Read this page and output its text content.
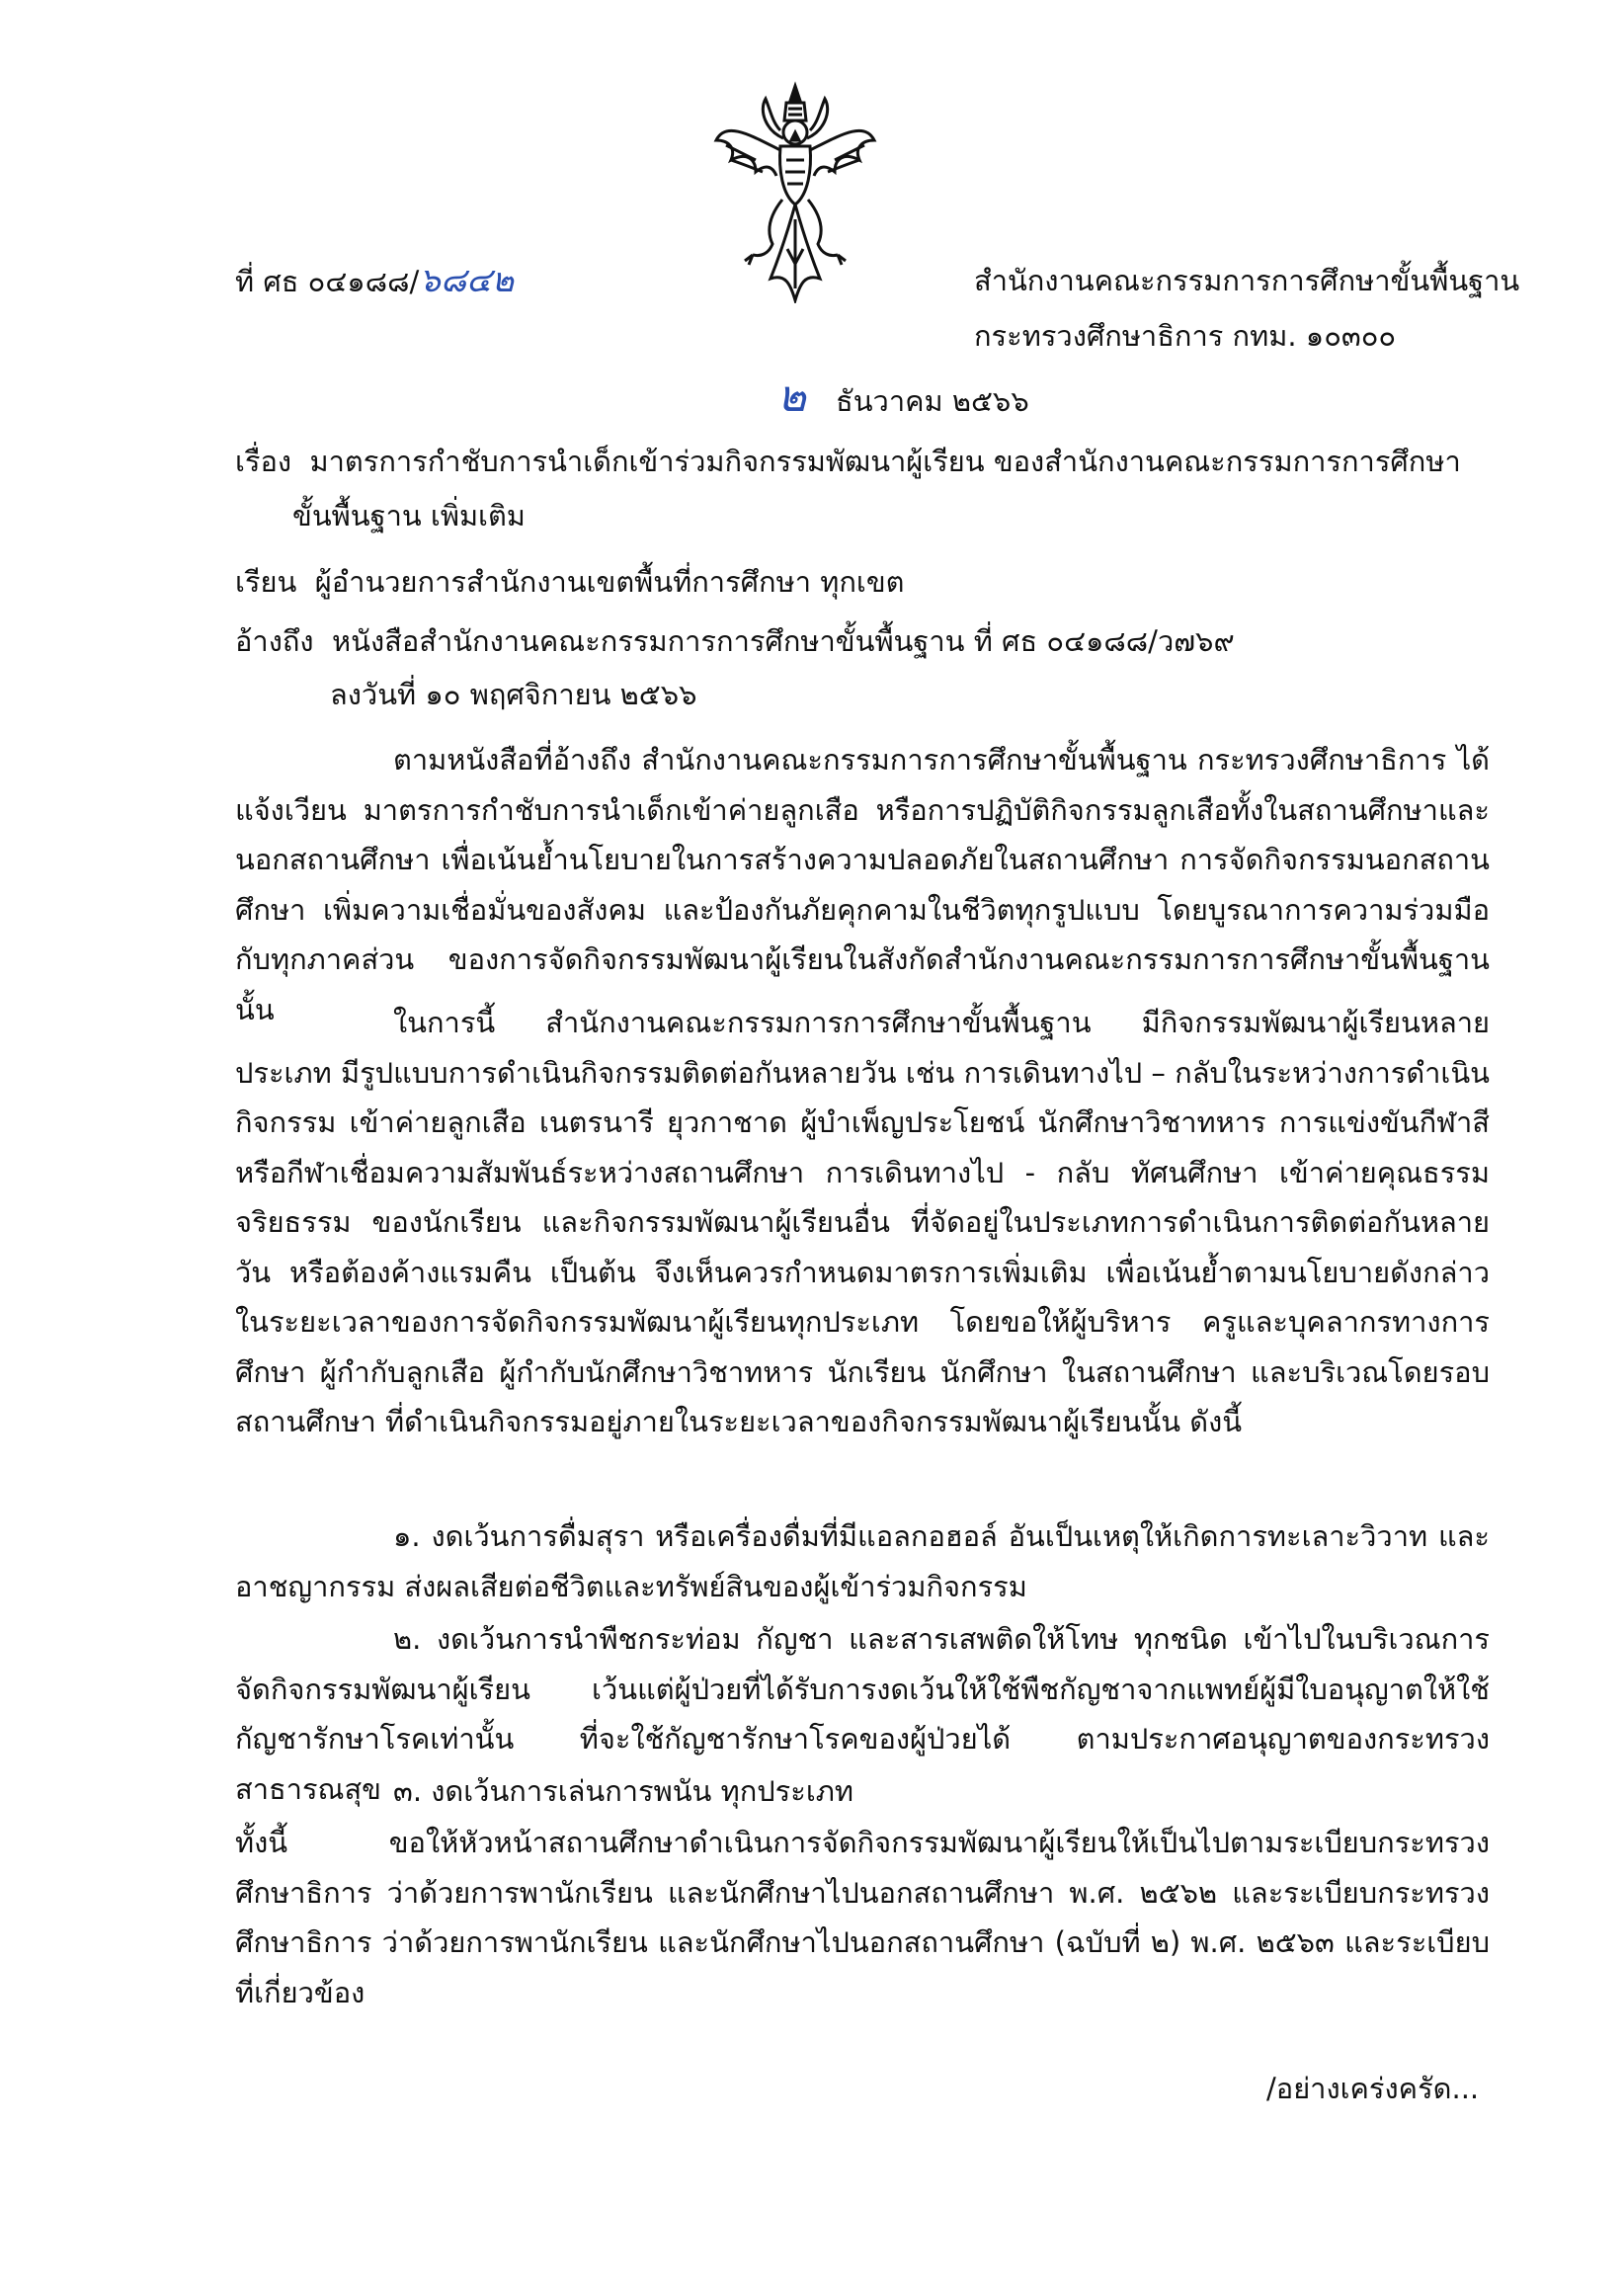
ที่ ศธ ๐๔๑๘๘/๖๘๔๒	สำนักงานคณะกรรมการการศึกษาขั้นพื้นฐาน
กระทรวงศึกษาธิการ กทม. ๑๐๓๐๐
๒ ธันวาคม ๒๕๖๖
เรื่อง มาตรการกำชับการนำเด็กเข้าร่วมกิจกรรมพัฒนาผู้เรียน ของสำนักงานคณะกรรมการการศึกษา
ขั้นพื้นฐาน เพิ่มเติม
เรียน ผู้อำนวยการสำนักงานเขตพื้นที่การศึกษา ทุกเขต
อ้างถึง หนังสือสำนักงานคณะกรรมการการศึกษาขั้นพื้นฐาน ที่ ศธ ๐๔๑๘๘/ว๗๖๙
ลงวันที่ ๑๐ พฤศจิกายน ๒๕๖๖

ตามหนังสือที่อ้างถึง สำนักงานคณะกรรมการการศึกษาขั้นพื้นฐาน กระทรวงศึกษาธิการ ได้แจ้งเวียน มาตรการกำชับการนำเด็กเข้าค่ายลูกเสือ หรือการปฏิบัติกิจกรรมลูกเสือทั้งในสถานศึกษาและนอกสถานศึกษา เพื่อเน้นย้ำนโยบายในการสร้างความปลอดภัยในสถานศึกษา การจัดกิจกรรมนอกสถานศึกษา เพิ่มความเชื่อมั่นของสังคม และป้องกันภัยคุกคามในชีวิตทุกรูปแบบ โดยบูรณาการความร่วมมือกับทุกภาคส่วน ของการจัดกิจกรรมพัฒนาผู้เรียนในสังกัดสำนักงานคณะกรรมการการศึกษาขั้นพื้นฐาน นั้น	ในการนี้ สำนักงานคณะกรรมการการศึกษาขั้นพื้นฐาน มีกิจกรรมพัฒนาผู้เรียนหลายประเภท มีรูปแบบการดำเนินกิจกรรมติดต่อกันหลายวัน เช่น การเดินทางไป – กลับในระหว่างการดำเนินกิจกรรม เข้าค่ายลูกเสือ เนตรนารี ยุวกาชาด ผู้บำเพ็ญประโยชน์ นักศึกษาวิชาทหาร การแข่งขันกีฬาสี หรือกีฬาเชื่อมความสัมพันธ์ระหว่างสถานศึกษา การเดินทางไป - กลับ ทัศนศึกษา เข้าค่ายคุณธรรม จริยธรรม ของนักเรียน และกิจกรรมพัฒนาผู้เรียนอื่น ที่จัดอยู่ในประเภทการดำเนินการติดต่อกันหลายวัน หรือต้องค้างแรมคืน เป็นต้น จึงเห็นควรกำหนดมาตรการเพิ่มเติม เพื่อเน้นย้ำตามนโยบายดังกล่าว ในระยะเวลาของการจัดกิจกรรมพัฒนาผู้เรียนทุกประเภท โดยขอให้ผู้บริหาร ครูและบุคลากรทางการศึกษา ผู้กำกับลูกเสือ ผู้กำกับนักศึกษาวิชาทหาร นักเรียน นักศึกษา ในสถานศึกษา และบริเวณโดยรอบสถานศึกษา ที่ดำเนินกิจกรรมอยู่ภายในระยะเวลาของกิจกรรมพัฒนาผู้เรียนนั้น ดังนี้

๑. งดเว้นการดื่มสุรา หรือเครื่องดื่มที่มีแอลกอฮอล์ อันเป็นเหตุให้เกิดการทะเลาะวิวาท และอาชญากรรม ส่งผลเสียต่อชีวิตและทรัพย์สินของผู้เข้าร่วมกิจกรรม

๒. งดเว้นการนำพืชกระท่อม กัญชา และสารเสพติดให้โทษ ทุกชนิด เข้าไปในบริเวณการจัดกิจกรรมพัฒนาผู้เรียน เว้นแต่ผู้ป่วยที่ได้รับการงดเว้นให้ใช้พืชกัญชาจากแพทย์ผู้มีใบอนุญาตให้ใช้กัญชารักษาโรคเท่านั้น ที่จะใช้กัญชารักษาโรคของผู้ป่วยได้ ตามประกาศอนุญาตของกระทรวงสาธารณสุข ๓. งดเว้นการเล่นการพนัน ทุกประเภท

ทั้งนี้ ขอให้หัวหน้าสถานศึกษาดำเนินการจัดกิจกรรมพัฒนาผู้เรียนให้เป็นไปตามระเบียบกระทรวงศึกษาธิการ ว่าด้วยการพานักเรียน และนักศึกษาไปนอกสถานศึกษา พ.ศ. ๒๕๖๒ และระเบียบกระทรวงศึกษาธิการ ว่าด้วยการพานักเรียน และนักศึกษาไปนอกสถานศึกษา (ฉบับที่ ๒) พ.ศ. ๒๕๖๓ และระเบียบที่เกี่ยวข้อง

/อย่างเคร่งครัด...
